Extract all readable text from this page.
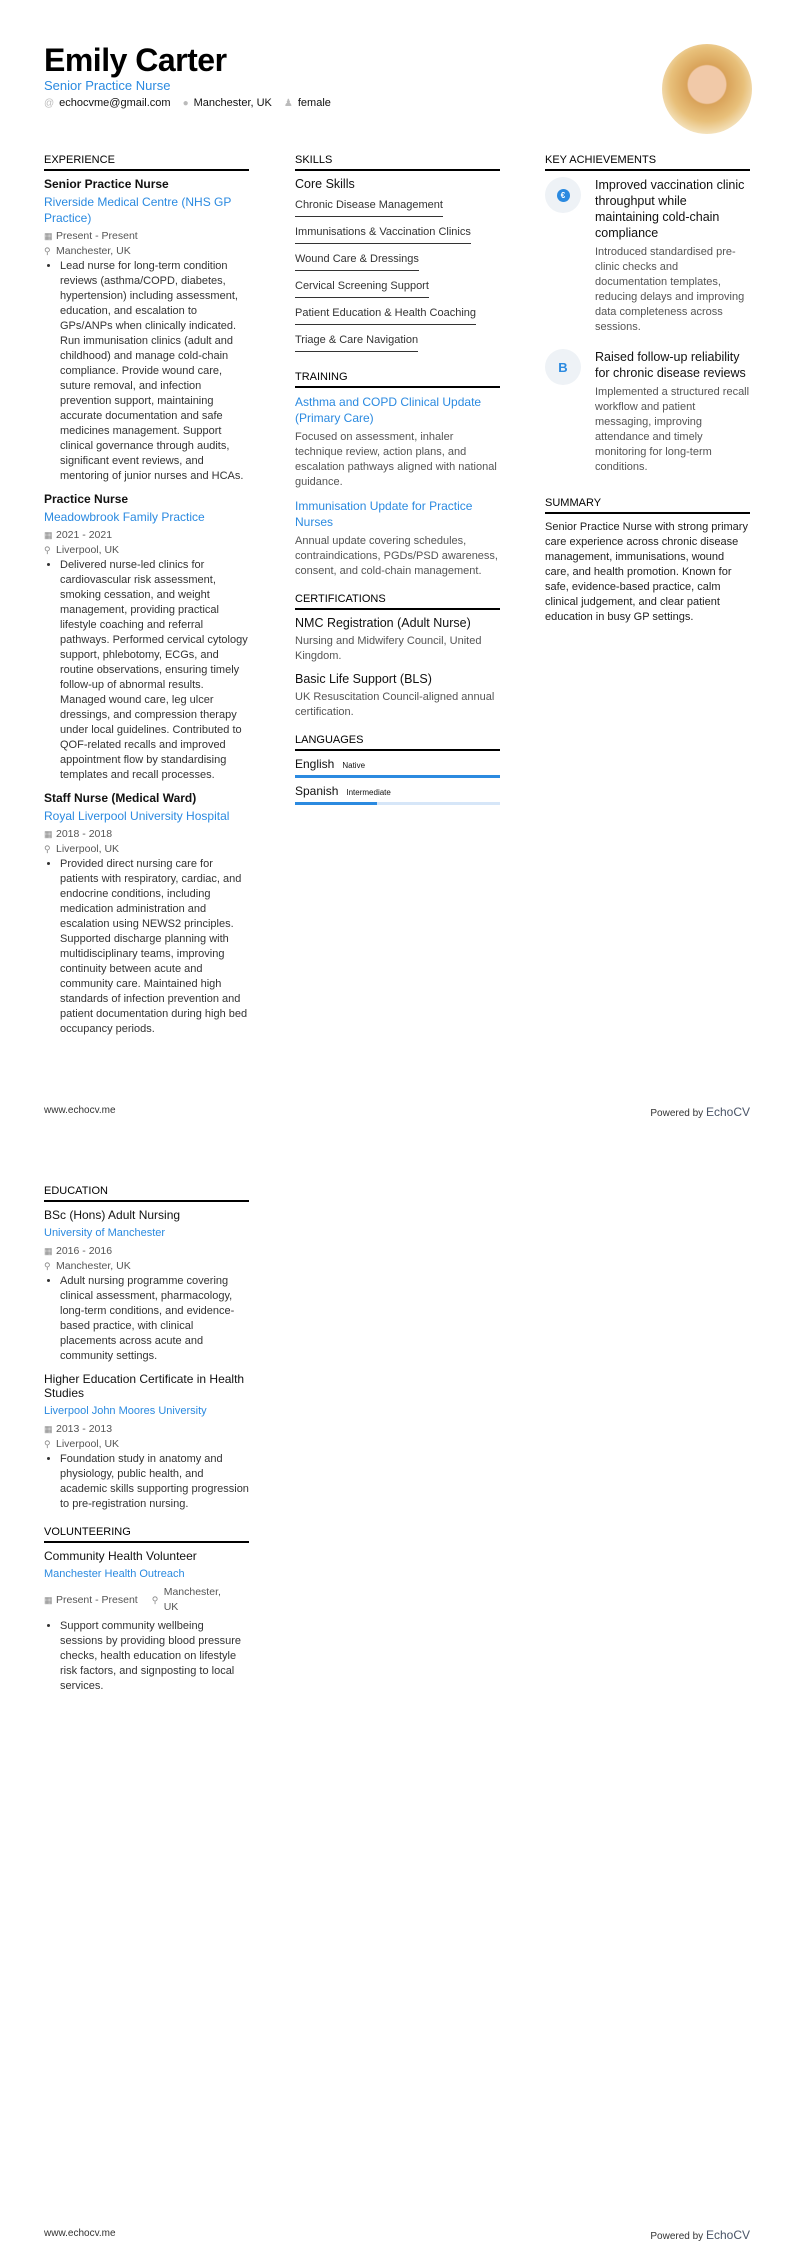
Emily Carter
Senior Practice Nurse
@ echocvme@gmail.com ● Manchester, UK ♟ female
EXPERIENCE
Senior Practice Nurse
Riverside Medical Centre (NHS GP Practice)
▦ Present - Present
⚲ Manchester, UK
• Lead nurse for long-term condition reviews (asthma/COPD, diabetes, hypertension) including assessment, education, and escalation to GPs/ANPs when clinically indicated. Run immunisation clinics (adult and childhood) and manage cold-chain compliance. Provide wound care, suture removal, and infection prevention support, maintaining accurate documentation and safe medicines management. Support clinical governance through audits, significant event reviews, and mentoring of junior nurses and HCAs.
Practice Nurse
Meadowbrook Family Practice
▦ 2021 - 2021
⚲ Liverpool, UK
• Delivered nurse-led clinics for cardiovascular risk assessment, smoking cessation, and weight management, providing practical lifestyle coaching and referral pathways. Performed cervical cytology support, phlebotomy, ECGs, and routine observations, ensuring timely follow-up of abnormal results. Managed wound care, leg ulcer dressings, and compression therapy under local guidelines. Contributed to QOF-related recalls and improved appointment flow by standardising templates and recall processes.
Staff Nurse (Medical Ward)
Royal Liverpool University Hospital
▦ 2018 - 2018
⚲ Liverpool, UK
• Provided direct nursing care for patients with respiratory, cardiac, and endocrine conditions, including medication administration and escalation using NEWS2 principles. Supported discharge planning with multidisciplinary teams, improving continuity between acute and community care. Maintained high standards of infection prevention and patient documentation during high bed occupancy periods.
SKILLS
Core Skills
Chronic Disease Management
Immunisations & Vaccination Clinics
Wound Care & Dressings
Cervical Screening Support
Patient Education & Health Coaching
Triage & Care Navigation
TRAINING
Asthma and COPD Clinical Update (Primary Care)
Focused on assessment, inhaler technique review, action plans, and escalation pathways aligned with national guidance.
Immunisation Update for Practice Nurses
Annual update covering schedules, contraindications, PGDs/PSD awareness, consent, and cold-chain management.
CERTIFICATIONS
NMC Registration (Adult Nurse)
Nursing and Midwifery Council, United Kingdom.
Basic Life Support (BLS)
UK Resuscitation Council-aligned annual certification.
LANGUAGES
English Native
Spanish Intermediate
KEY ACHIEVEMENTS
€
Improved vaccination clinic throughput while maintaining cold-chain compliance
Introduced standardised pre-clinic checks and documentation templates, reducing delays and improving data completeness across sessions.
B
Raised follow-up reliability for chronic disease reviews
Implemented a structured recall workflow and patient messaging, improving attendance and timely monitoring for long-term conditions.
SUMMARY
Senior Practice Nurse with strong primary care experience across chronic disease management, immunisations, wound care, and health promotion. Known for safe, evidence-based practice, calm clinical judgement, and clear patient education in busy GP settings.
www.echocv.me	Powered by EchoCV
EDUCATION
BSc (Hons) Adult Nursing
University of Manchester
▦ 2016 - 2016
⚲ Manchester, UK
• Adult nursing programme covering clinical assessment, pharmacology, long-term conditions, and evidence-based practice, with clinical placements across acute and community settings.
Higher Education Certificate in Health Studies
Liverpool John Moores University
▦ 2013 - 2013
⚲ Liverpool, UK
• Foundation study in anatomy and physiology, public health, and academic skills supporting progression to pre-registration nursing.
VOLUNTEERING
Community Health Volunteer
Manchester Health Outreach
▦ Present - Present ⚲
Manchester, UK
• Support community wellbeing sessions by providing blood pressure checks, health education on lifestyle risk factors, and signposting to local services.
www.echocv.me	Powered by EchoCV
